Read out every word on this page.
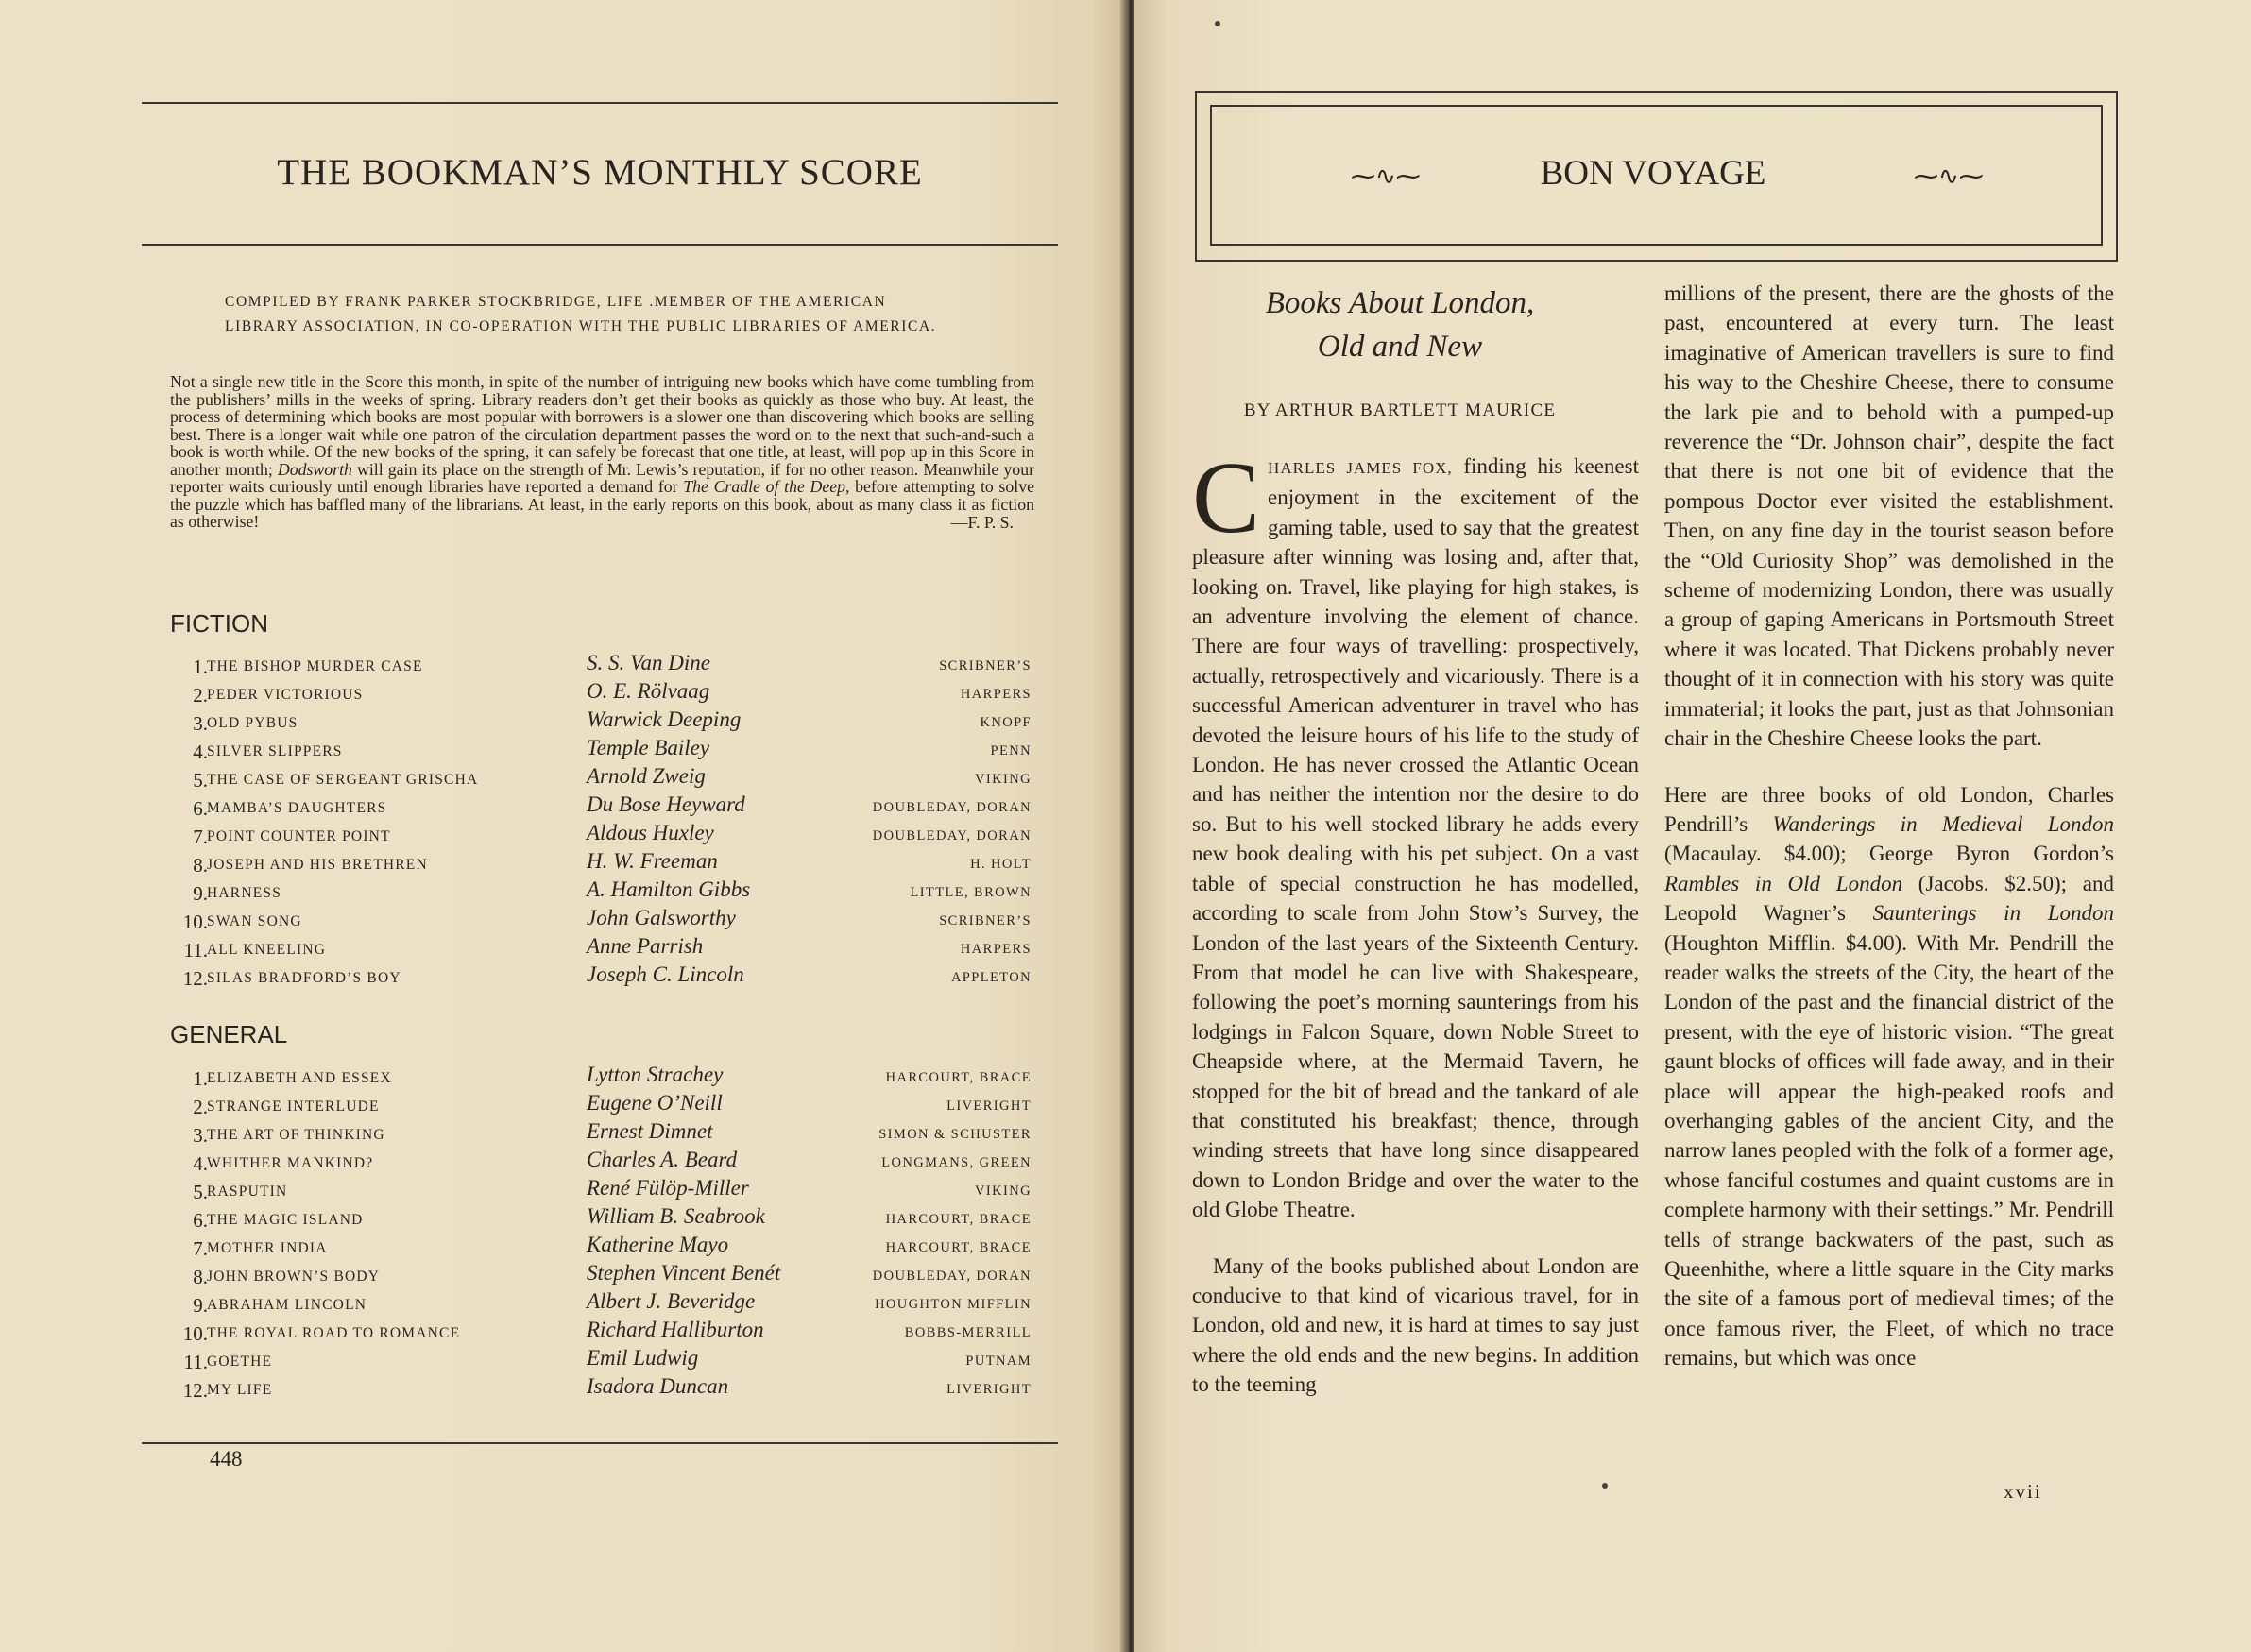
THE BOOKMAN’S MONTHLY SCORE
COMPILED BY FRANK PARKER STOCKBRIDGE, LIFE .MEMBER OF THE AMERICAN
LIBRARY ASSOCIATION, IN CO-OPERATION WITH THE PUBLIC LIBRARIES OF AMERICA.
Not a single new title in the Score this month, in spite of the number of intriguing new books which have come tumbling from the publishers’ mills in the weeks of spring. Library readers don’t get their books as quickly as those who buy. At least, the process of determining which books are most popular with borrowers is a slower one than discovering which books are selling best. There is a longer wait while one patron of the circulation department passes the word on to the next that such-and-such a book is worth while. Of the new books of the spring, it can safely be forecast that one title, at least, will pop up in this Score in another month; Dodsworth will gain its place on the strength of Mr. Lewis’s reputation, if for no other reason. Meanwhile your reporter waits curiously until enough libraries have reported a demand for The Cradle of the Deep, before attempting to solve the puzzle which has baffled many of the librarians. At least, in the early reports on this book, about as many class it as fiction as otherwise!	—F. P. S.
FICTION
1. THE BISHOP MURDER CASE	S. S. Van Dine	SCRIBNER’S
2. PEDER VICTORIOUS	O. E. Rölvaag	HARPERS
3. OLD PYBUS	Warwick Deeping	KNOPF
4. SILVER SLIPPERS	Temple Bailey	PENN
5. THE CASE OF SERGEANT GRISCHA	Arnold Zweig	VIKING
6. MAMBA’S DAUGHTERS	Du Bose Heyward	DOUBLEDAY, DORAN
7. POINT COUNTER POINT	Aldous Huxley	DOUBLEDAY, DORAN
8. JOSEPH AND HIS BRETHREN	H. W. Freeman	H. HOLT
9. HARNESS	A. Hamilton Gibbs	LITTLE, BROWN
10. SWAN SONG	John Galsworthy	SCRIBNER’S
11. ALL KNEELING	Anne Parrish	HARPERS
12. SILAS BRADFORD’S BOY	Joseph C. Lincoln	APPLETON
GENERAL
1. ELIZABETH AND ESSEX	Lytton Strachey	HARCOURT, BRACE
2. STRANGE INTERLUDE	Eugene O’Neill	LIVERIGHT
3. THE ART OF THINKING	Ernest Dimnet	SIMON & SCHUSTER
4. WHITHER MANKIND?	Charles A. Beard	LONGMANS, GREEN
5. RASPUTIN	René Fülöp-Miller	VIKING
6. THE MAGIC ISLAND	William B. Seabrook	HARCOURT, BRACE
7. MOTHER INDIA	Katherine Mayo	HARCOURT, BRACE
8. JOHN BROWN’S BODY	Stephen Vincent Benét	DOUBLEDAY, DORAN
9. ABRAHAM LINCOLN	Albert J. Beveridge	HOUGHTON MIFFLIN
10. THE ROYAL ROAD TO ROMANCE	Richard Halliburton	BOBBS-MERRILL
11. GOETHE	Emil Ludwig	PUTNAM
12. MY LIFE	Isadora Duncan	LIVERIGHT
448
⁓∿⁓	BON VOYAGE	⁓∿⁓
Books About London,
Old and New
BY ARTHUR BARTLETT MAURICE

CHARLES JAMES FOX, finding his keenest enjoyment in the excitement of the gaming table, used to say that the greatest pleasure after winning was losing and, after that, looking on. Travel, like playing for high stakes, is an adventure involving the element of chance. There are four ways of travelling: prospectively, actually, retrospectively and vicariously. There is a successful American adventurer in travel who has devoted the leisure hours of his life to the study of London. He has never crossed the Atlantic Ocean and has neither the intention nor the desire to do so. But to his well stocked library he adds every new book dealing with his pet subject. On a vast table of special construction he has modelled, according to scale from John Stow’s Survey, the London of the last years of the Sixteenth Century. From that model he can live with Shakespeare, following the poet’s morning saunterings from his lodgings in Falcon Square, down Noble Street to Cheapside where, at the Mermaid Tavern, he stopped for the bit of bread and the tankard of ale that constituted his breakfast; thence, through winding streets that have long since disappeared down to London Bridge and over the water to the old Globe Theatre.

Many of the books published about London are conducive to that kind of vicarious travel, for in London, old and new, it is hard at times to say just where the old ends and the new begins. In addition to the teeming

millions of the present, there are the ghosts of the past, encountered at every turn. The least imaginative of American travellers is sure to find his way to the Cheshire Cheese, there to consume the lark pie and to behold with a pumped-up reverence the “Dr. Johnson chair”, despite the fact that there is not one bit of evidence that the pompous Doctor ever visited the establishment. Then, on any fine day in the tourist season before the “Old Curiosity Shop” was demolished in the scheme of modernizing London, there was usually a group of gaping Americans in Portsmouth Street where it was located. That Dickens probably never thought of it in connection with his story was quite immaterial; it looks the part, just as that Johnsonian chair in the Cheshire Cheese looks the part.

Here are three books of old London, Charles Pendrill’s Wanderings in Medieval London (Macaulay. $4.00); George Byron Gordon’s Rambles in Old London (Jacobs. $2.50); and Leopold Wagner’s Saunterings in London (Houghton Mifflin. $4.00). With Mr. Pendrill the reader walks the streets of the City, the heart of the London of the past and the financial district of the present, with the eye of historic vision. “The great gaunt blocks of offices will fade away, and in their place will appear the high-peaked roofs and overhanging gables of the ancient City, and the narrow lanes peopled with the folk of a former age, whose fanciful costumes and quaint customs are in complete harmony with their settings.” Mr. Pendrill tells of strange backwaters of the past, such as Queenhithe, where a little square in the City marks the site of a famous port of medieval times; of the once famous river, the Fleet, of which no trace remains, but which was once

xvii
